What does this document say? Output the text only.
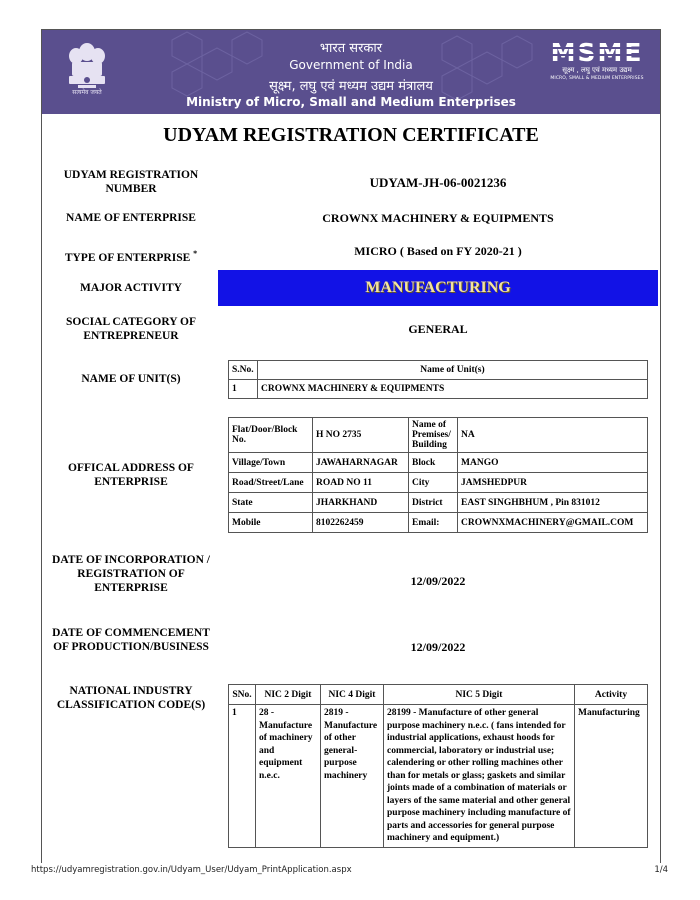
सत्यमेव जयते
भारत सरकार
Government of India
सूक्ष्म, लघु एवं मध्यम उद्यम मंत्रालय
Ministry of Micro, Small and Medium Enterprises
MSME
सूक्ष्म , लघु एवं मध्यम उद्यम
MICRO, SMALL & MEDIUM ENTERPRISES
UDYAM REGISTRATION CERTIFICATE
UDYAM REGISTRATION NUMBER	UDYAM-JH-06-0021236
NAME OF ENTERPRISE	CROWNX MACHINERY & EQUIPMENTS
TYPE OF ENTERPRISE *	MICRO ( Based on FY 2020-21 )
MAJOR ACTIVITY	MANUFACTURING
SOCIAL CATEGORY OF ENTREPRENEUR	GENERAL
NAME OF UNIT(S)
S.No.	Name of Unit(s)
1	CROWNX MACHINERY & EQUIPMENTS
OFFICAL ADDRESS OF ENTERPRISE
Flat/Door/Block No.	H NO 2735	Name of Premises/ Building	NA
Village/Town	JAWAHARNAGAR	Block	MANGO
Road/Street/Lane	ROAD NO 11	City	JAMSHEDPUR
State	JHARKHAND	District	EAST SINGHBHUM , Pin 831012
Mobile	8102262459	Email:	CROWNXMACHINERY@GMAIL.COM
DATE OF INCORPORATION / REGISTRATION OF ENTERPRISE	12/09/2022
DATE OF COMMENCEMENT OF PRODUCTION/BUSINESS	12/09/2022
NATIONAL INDUSTRY CLASSIFICATION CODE(S)
SNo.	NIC 2 Digit	NIC 4 Digit	NIC 5 Digit	Activity
1	28 - Manufacture of machinery and equipment n.e.c.	2819 - Manufacture of other general-purpose machinery	28199 - Manufacture of other general purpose machinery n.e.c. ( fans intended for industrial applications, exhaust hoods for commercial, laboratory or industrial use; calendering or other rolling machines other than for metals or glass; gaskets and similar joints made of a combination of materials or layers of the same material and other general purpose machinery including manufacture of parts and accessories for general purpose machinery and equipment.)	Manufacturing
https://udyamregistration.gov.in/Udyam_User/Udyam_PrintApplication.aspx	1/4
